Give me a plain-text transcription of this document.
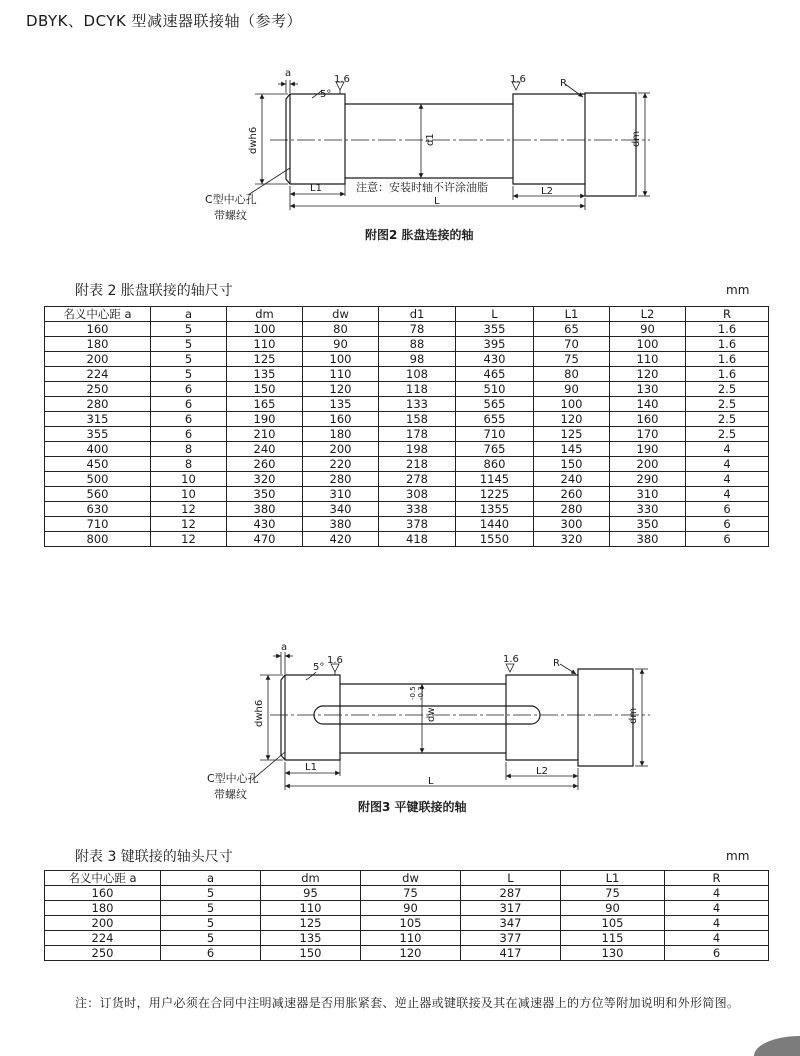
DBYK、DCYK 型减速器联接轴（参考）
a
5°
1.6	1.6	R
dwh6	d1	dm
L1	L2
L
注意：安装时轴不许涂油脂
C型中心孔
带螺纹
附图2 胀盘连接的轴
附表 2 胀盘联接的轴尺寸	mm
名义中心距 a	a	dm	dw	d1	L	L1	L2	R
160	5	100	80	78	355	65	90	1.6
180	5	110	90	88	395	70	100	1.6
200	5	125	100	98	430	75	110	1.6
224	5	135	110	108	465	80	120	1.6
250	6	150	120	118	510	90	130	2.5
280	6	165	135	133	565	100	140	2.5
315	6	190	160	158	655	120	160	2.5
355	6	210	180	178	710	125	170	2.5
400	8	240	200	198	765	145	190	4
450	8	260	220	218	860	150	200	4
500	10	320	280	278	1145	240	290	4
560	10	350	310	308	1225	260	310	4
630	12	380	340	338	1355	280	330	6
710	12	430	380	378	1440	300	350	6
800	12	470	420	418	1550	320	380	6
a
5°
1.6	1.6	R
dwh6	dw
-0.5 -0.3
dm
L1	L2
L
C型中心孔
带螺纹
附图3 平键联接的轴
附表 3 键联接的轴头尺寸	mm
名义中心距 a	a	dm	dw	L	L1	R
160	5	95	75	287	75	4
180	5	110	90	317	90	4
200	5	125	105	347	105	4
224	5	135	110	377	115	4
250	6	150	120	417	130	6
注：订货时，用户必须在合同中注明减速器是否用胀紧套、逆止器或键联接及其在减速器上的方位等附加说明和外形简图。
